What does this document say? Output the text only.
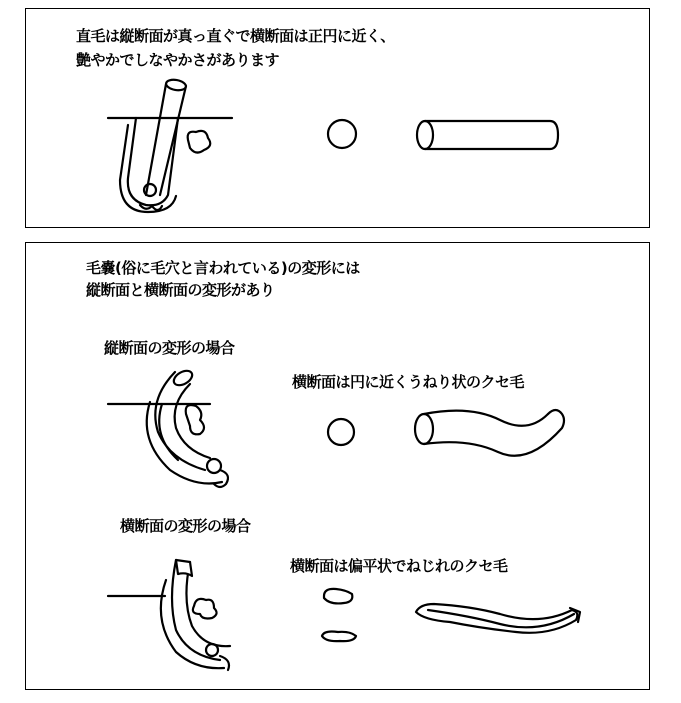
直毛は縦断面が真っ直ぐで横断面は正円に近く、
艶やかでしなやかさがあります
毛嚢(俗に毛穴と言われている)の変形には
縦断面と横断面の変形があり
縦断面の変形の場合
横断面は円に近くうねり状のクセ毛
横断面の変形の場合
横断面は偏平状でねじれのクセ毛
